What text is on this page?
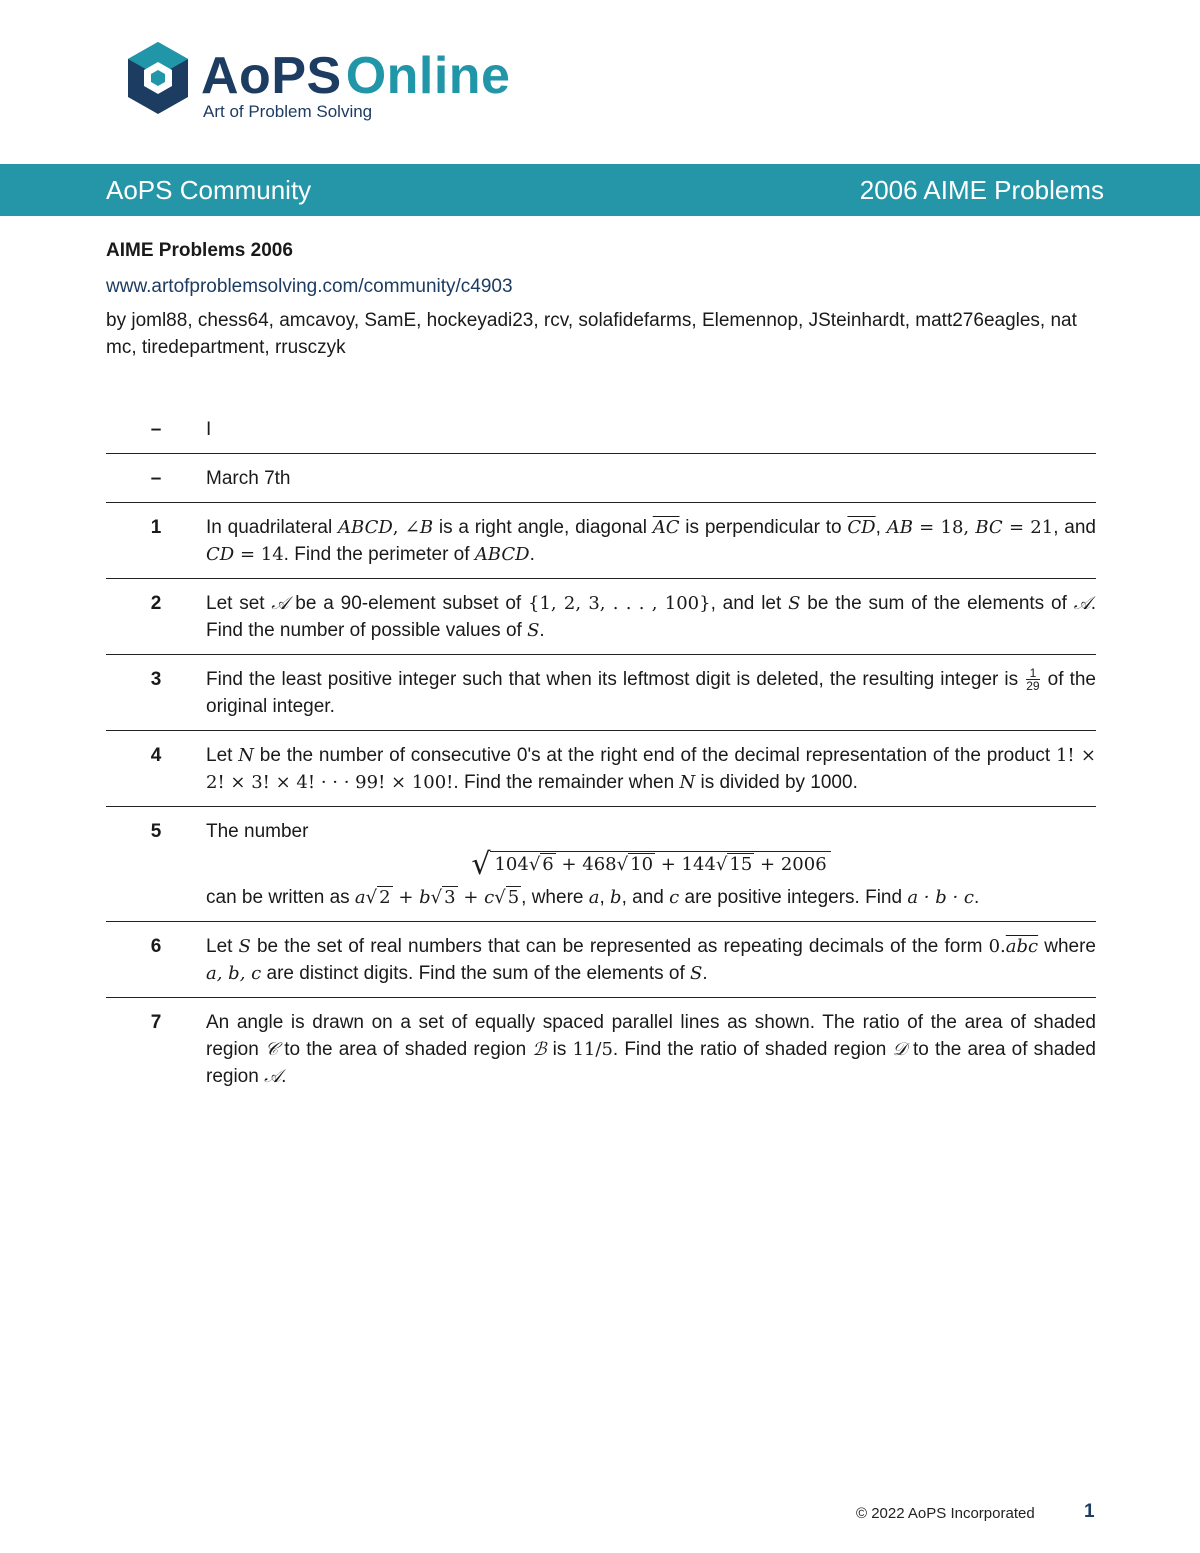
AoPSOnline
Art of Problem Solving
AoPS Community	2006 AIME Problems
AIME Problems 2006
www.artofproblemsolving.com/community/c4903
by joml88, chess64, amcavoy, SamE, hockeyadi23, rcv, solafidefarms, Elemennop, JSteinhardt, matt276eagles, nat mc, tiredepartment, rrusczyk
–	I
–	March 7th
1	In quadrilateral ABCD, ∠B is a right angle, diagonal $\overline{AC}$ is perpendicular to $\overline{CD}$, AB = 18, BC = 21, and CD = 14. Find the perimeter of ABCD.
2	Let set 𝒜 be a 90-element subset of {1, 2, 3, . . . , 100}, and let S be the sum of the elements of 𝒜. Find the number of possible values of S.
3	Find the least positive integer such that when its leftmost digit is deleted, the resulting integer is $\frac{1}{29}$ of the original integer.
4	Let N be the number of consecutive 0's at the right end of the decimal representation of the product 1! × 2! × 3! × 4! · · · 99! × 100!. Find the remainder when N is divided by 1000.
5	The number
√ 104√ 6 + 468√ 10 + 144√ 15 + 2006
can be written as a√ 2 + b√ 3 + c√ 5 , where a, b, and c are positive integers. Find a · b · c.
6	Let S be the set of real numbers that can be represented as repeating decimals of the form $0.\overline{abc}$ where a, b, c are distinct digits. Find the sum of the elements of S.
7	An angle is drawn on a set of equally spaced parallel lines as shown. The ratio of the area of shaded region 𝒞 to the area of shaded region ℬ is 11/5. Find the ratio of shaded region 𝒟 to the area of shaded region 𝒜.
© 2022 AoPS Incorporated	1
